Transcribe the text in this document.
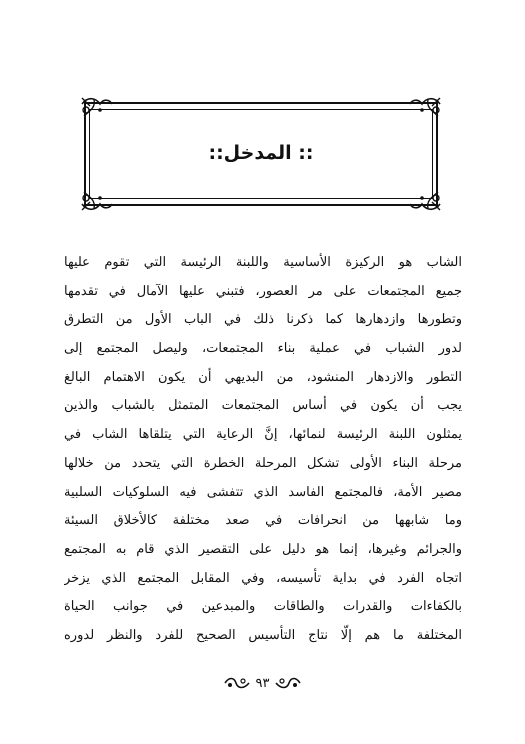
:: المدخل::
الشاب هو الركيزة الأساسية واللبنة الرئيسة التي تقوم عليها
جميع المجتمعات على مر العصور، فتبني عليها الآمال في تقدمها
وتطورها وازدهارها كما ذكرنا ذلك في الباب الأول من التطرق
لدور الشباب في عملية بناء المجتمعات، وليصل المجتمع إلى
التطور والازدهار المنشود، من البديهي أن يكون الاهتمام البالغ
يجب أن يكون في أساس المجتمعات المتمثل بالشباب والذين
يمثلون اللبنة الرئيسة لنمائها، إنَّ الرعاية التي يتلقاها الشاب في
مرحلة البناء الأولى تشكل المرحلة الخطرة التي يتحدد من خلالها
مصير الأمة، فالمجتمع الفاسد الذي تتفشى فيه السلوكيات السلبية
وما شابهها من انحرافات في صعد مختلفة كالأخلاق السيئة
والجرائم وغيرها، إنما هو دليل على التقصير الذي قام به المجتمع
اتجاه الفرد في بداية تأسيسه، وفي المقابل المجتمع الذي يزخر
بالكفاءات والقدرات والطاقات والمبدعين في جوانب الحياة
المختلفة ما هم إلّا نتاج التأسيس الصحيح للفرد والنظر لدوره
٩٣
